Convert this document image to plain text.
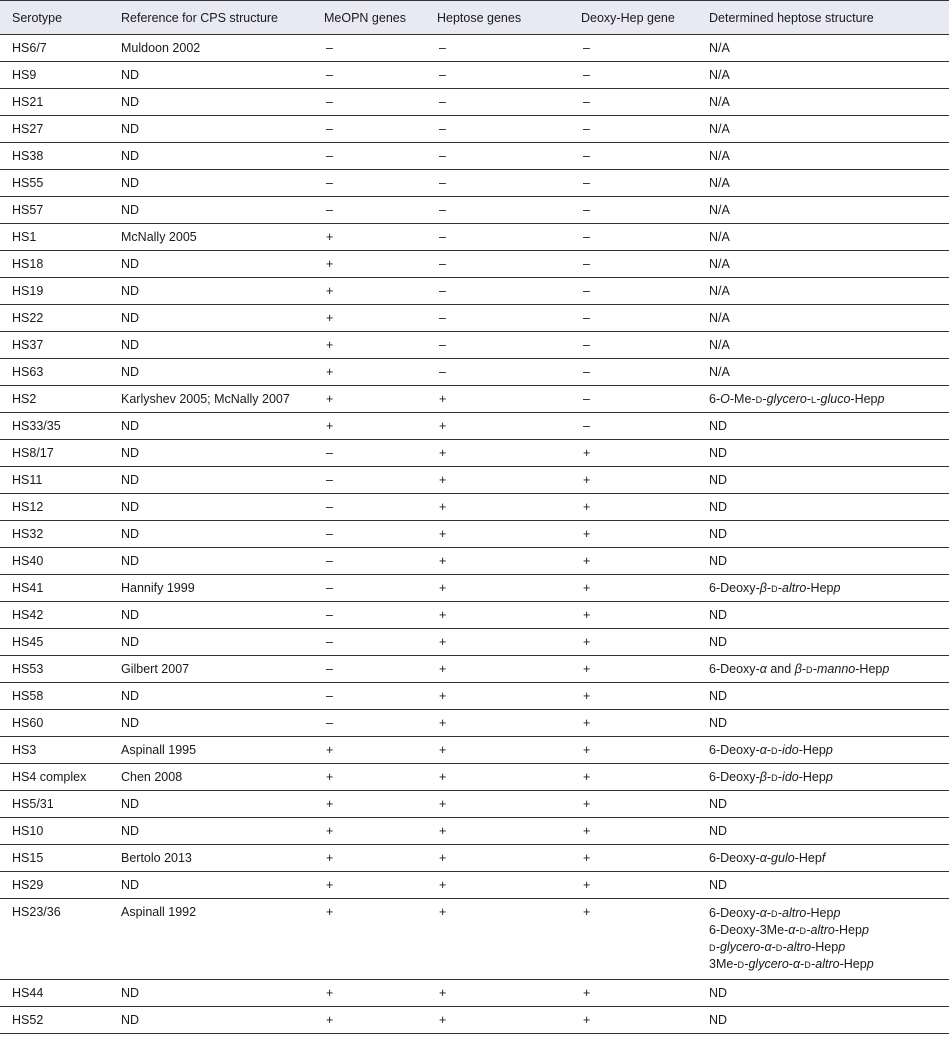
Serotype	Reference for CPS structure	MeOPN genes	Heptose genes	Deoxy-Hep gene	Determined heptose structure
HS6/7	Muldoon 2002	–	–	–	N/A

HS9	ND	–	–	–	N/A

HS21	ND	–	–	–	N/A

HS27	ND	–	–	–	N/A

HS38	ND	–	–	–	N/A

HS55	ND	–	–	–	N/A

HS57	ND	–	–	–	N/A

HS1	McNally 2005	+	–	–	N/A

HS18	ND	+	–	–	N/A

HS19	ND	+	–	–	N/A

HS22	ND	+	–	–	N/A

HS37	ND	+	–	–	N/A

HS63	ND	+	–	–	N/A

HS2	Karlyshev 2005; McNally 2007	+	+	–	6-O-Me-D-glycero-L-gluco-Hepp

HS33/35	ND	+	+	–	ND

HS8/17	ND	–	+	+	ND

HS11	ND	–	+	+	ND

HS12	ND	–	+	+	ND

HS32	ND	–	+	+	ND

HS40	ND	–	+	+	ND

HS41	Hannify 1999	–	+	+	6-Deoxy-β-D-altro-Hepp

HS42	ND	–	+	+	ND

HS45	ND	–	+	+	ND

HS53	Gilbert 2007	–	+	+	6-Deoxy-α and β-D-manno-Hepp

HS58	ND	–	+	+	ND

HS60	ND	–	+	+	ND

HS3	Aspinall 1995	+	+	+	6-Deoxy-α-D-ido-Hepp

HS4 complex	Chen 2008	+	+	+	6-Deoxy-β-D-ido-Hepp

HS5/31	ND	+	+	+	ND

HS10	ND	+	+	+	ND

HS15	Bertolo 2013	+	+	+	6-Deoxy-α-gulo-Hepf

HS29	ND	+	+	+	ND

HS23/36	Aspinall 1992	+	+	+	6-Deoxy-α-D-altro-Hepp
6-Deoxy-3Me-α-D-altro-Hepp
D-glycero-α-D-altro-Hepp
3Me-D-glycero-α-D-altro-Hepp

HS44	ND	+	+	+	ND

HS52	ND	+	+	+	ND
